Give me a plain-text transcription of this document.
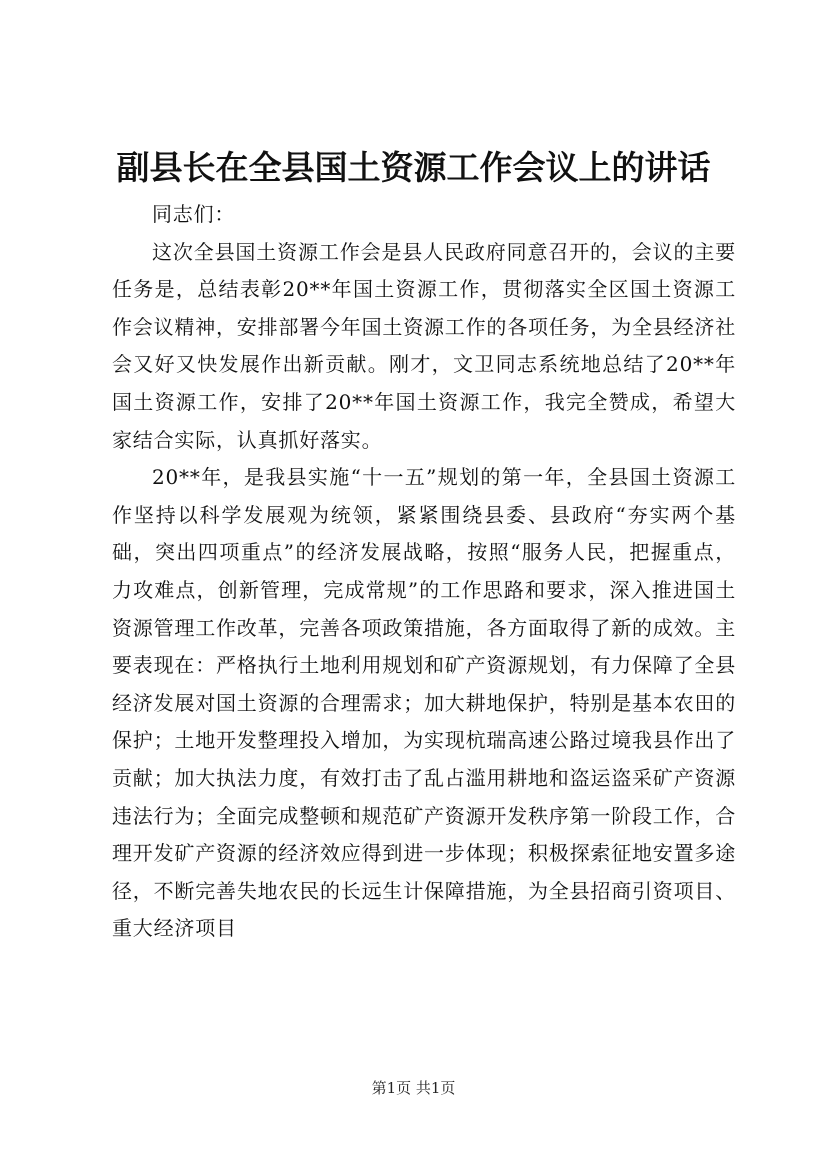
副县长在全县国土资源工作会议上的讲话

同志们：

这次全县国土资源工作会是县人民政府同意召开的，会议的主要任务是，总结表彰20**年国土资源工作，贯彻落实全区国土资源工作会议精神，安排部署今年国土资源工作的各项任务，为全县经济社会又好又快发展作出新贡献。刚才，文卫同志系统地总结了20**年国土资源工作，安排了20**年国土资源工作，我完全赞成，希望大家结合实际，认真抓好落实。

20**年，是我县实施“十一五”规划的第一年，全县国土资源工作坚持以科学发展观为统领，紧紧围绕县委、县政府“夯实两个基础，突出四项重点”的经济发展战略，按照“服务人民，把握重点，力攻难点，创新管理，完成常规”的工作思路和要求，深入推进国土资源管理工作改革，完善各项政策措施，各方面取得了新的成效。主要表现在：严格执行土地利用规划和矿产资源规划，有力保障了全县经济发展对国土资源的合理需求；加大耕地保护，特别是基本农田的保护；土地开发整理投入增加，为实现杭瑞高速公路过境我县作出了贡献；加大执法力度，有效打击了乱占滥用耕地和盗运盗采矿产资源违法行为；全面完成整顿和规范矿产资源开发秩序第一阶段工作，合理开发矿产资源的经济效应得到进一步体现；积极探索征地安置多途径，不断完善失地农民的长远生计保障措施，为全县招商引资项目、重大经济项目

第1页 共1页
